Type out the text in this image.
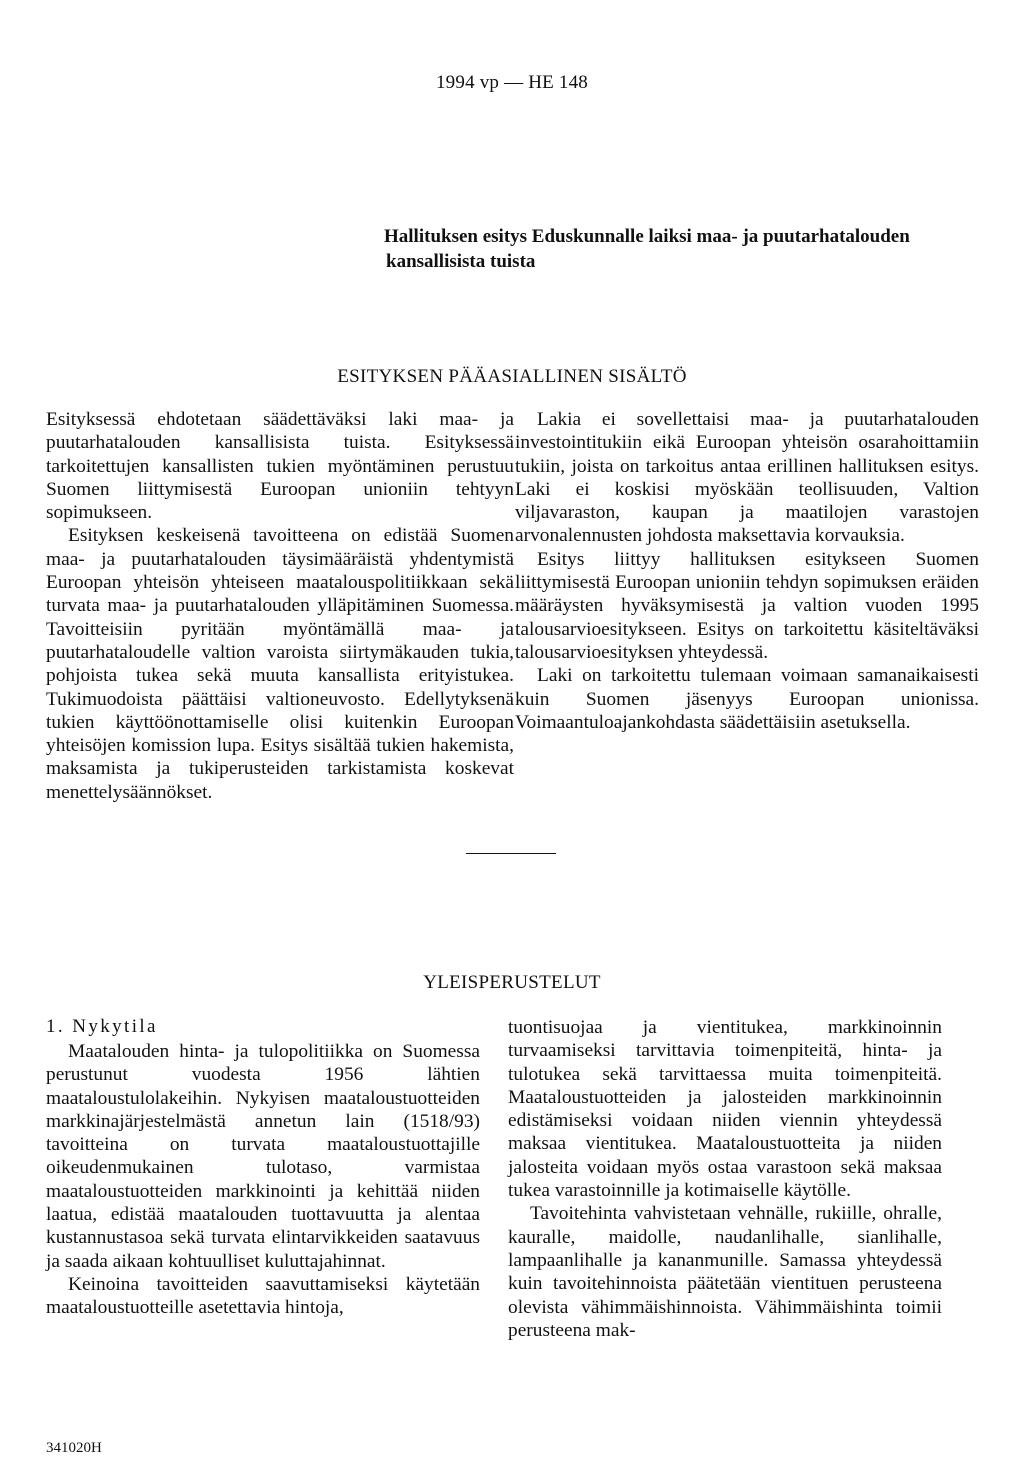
1994 vp — HE 148
Hallituksen esitys Eduskunnalle laiksi maa- ja puutarhatalouden kansallisista tuista
ESITYKSEN PÄÄASIALLINEN SISÄLTÖ

Esityksessä ehdotetaan säädettäväksi laki maa- ja puutarhatalouden kansallisista tuista. Esityksessä tarkoitettujen kansallisten tukien myöntäminen perustuu Suomen liittymisestä Euroopan unioniin tehtyyn sopimukseen.

Esityksen keskeisenä tavoitteena on edistää Suomen maa- ja puutarhatalouden täysimääräistä yhdentymistä Euroopan yhteisön yhteiseen maatalouspolitiikkaan sekä turvata maa- ja puutarhatalouden ylläpitäminen Suomessa. Tavoitteisiin pyritään myöntämällä maa- ja puutarhataloudelle valtion varoista siirtymäkauden tukia, pohjoista tukea sekä muuta kansallista erityistukea. Tukimuodoista päättäisi valtioneuvosto. Edellytyksenä tukien käyttöönottamiselle olisi kuitenkin Euroopan yhteisöjen komission lupa. Esitys sisältää tukien hakemista, maksamista ja tukiperusteiden tarkistamista koskevat menettelysäännökset.

Lakia ei sovellettaisi maa- ja puutarhatalouden investointitukiin eikä Euroopan yhteisön osarahoittamiin tukiin, joista on tarkoitus antaa erillinen hallituksen esitys. Laki ei koskisi myöskään teollisuuden, Valtion viljavaraston, kaupan ja maatilojen varastojen arvonalennusten johdosta maksettavia korvauksia.

Esitys liittyy hallituksen esitykseen Suomen liittymisestä Euroopan unioniin tehdyn sopimuksen eräiden määräysten hyväksymisestä ja valtion vuoden 1995 talousarvioesitykseen. Esitys on tarkoitettu käsiteltäväksi talousarvioesityksen yhteydessä.

Laki on tarkoitettu tulemaan voimaan samanaikaisesti kuin Suomen jäsenyys Euroopan unionissa. Voimaantuloajankohdasta säädettäisiin asetuksella.

YLEISPERUSTELUT
1. Nykytila

Maatalouden hinta- ja tulopolitiikka on Suomessa perustunut vuodesta 1956 lähtien maataloustulolakeihin. Nykyisen maataloustuotteiden markkinajärjestelmästä annetun lain (1518/93) tavoitteina on turvata maataloustuottajille oikeudenmukainen tulotaso, varmistaa maataloustuotteiden markkinointi ja kehittää niiden laatua, edistää maatalouden tuottavuutta ja alentaa kustannustasoa sekä turvata elintarvikkeiden saatavuus ja saada aikaan kohtuulliset kuluttajahinnat.

Keinoina tavoitteiden saavuttamiseksi käytetään maataloustuotteille asetettavia hintoja,

tuontisuojaa ja vientitukea, markkinoinnin turvaamiseksi tarvittavia toimenpiteitä, hinta- ja tulotukea sekä tarvittaessa muita toimenpiteitä. Maataloustuotteiden ja jalosteiden markkinoinnin edistämiseksi voidaan niiden viennin yhteydessä maksaa vientitukea. Maataloustuotteita ja niiden jalosteita voidaan myös ostaa varastoon sekä maksaa tukea varastoinnille ja kotimaiselle käytölle.

Tavoitehinta vahvistetaan vehnälle, rukiille, ohralle, kauralle, maidolle, naudanlihalle, sianlihalle, lampaanlihalle ja kananmunille. Samassa yhteydessä kuin tavoitehinnoista päätetään vientituen perusteena olevista vähimmäishinnoista. Vähimmäishinta toimii perusteena mak-

341020H
